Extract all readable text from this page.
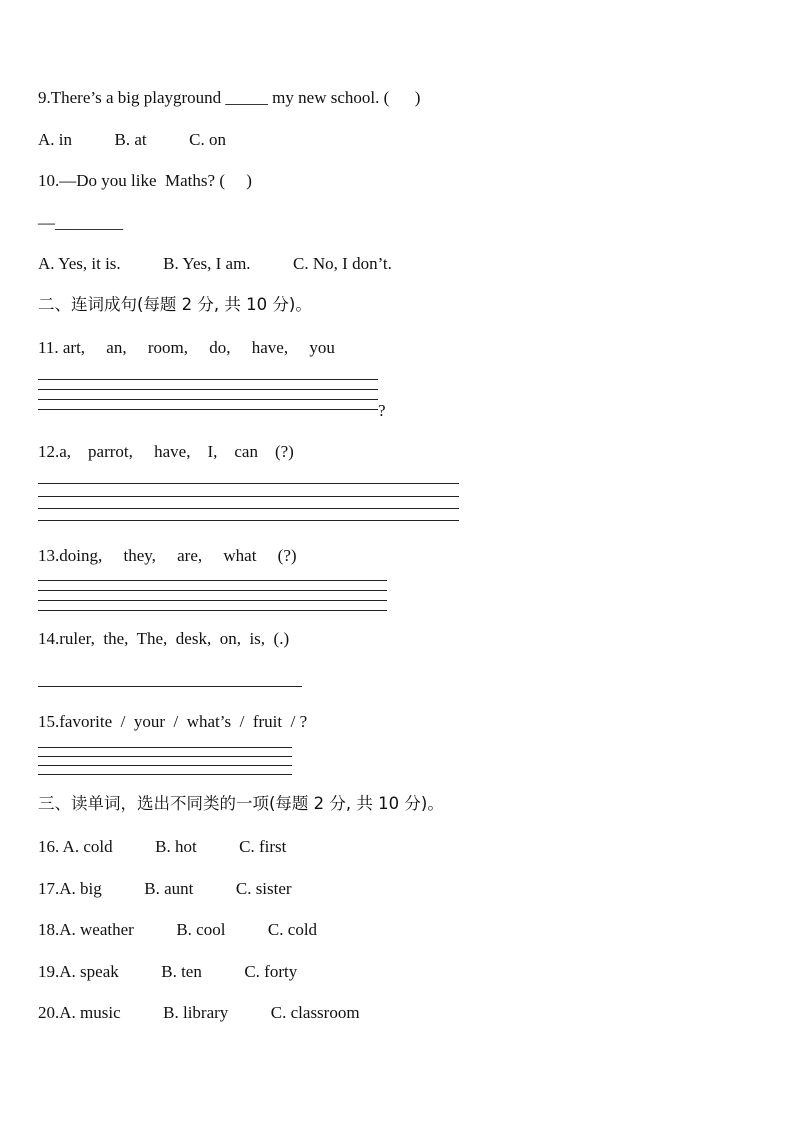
9.There’s a big playground _____ my new school. (      )
A. in          B. at          C. on
10.—Do you like  Maths? (     )
—________
A. Yes, it is.          B. Yes, I am.          C. No, I don’t.
二、连词成句(每题 2 分, 共 10 分)。
11. art,     an,     room,     do,     have,     you
?
12.a,    parrot,     have,    I,    can    (?)
13.doing,     they,     are,     what     (?)
14.ruler,  the,  The,  desk,  on,  is,  (.)
15.favorite  /  your  /  what’s  /  fruit  / ?
三、读单词，选出不同类的一项(每题 2 分, 共 10 分)。
16. A. cold          B. hot          C. first
17.A. big          B. aunt          C. sister
18.A. weather          B. cool          C. cold
19.A. speak          B. ten          C. forty
20.A. music          B. library          C. classroom
